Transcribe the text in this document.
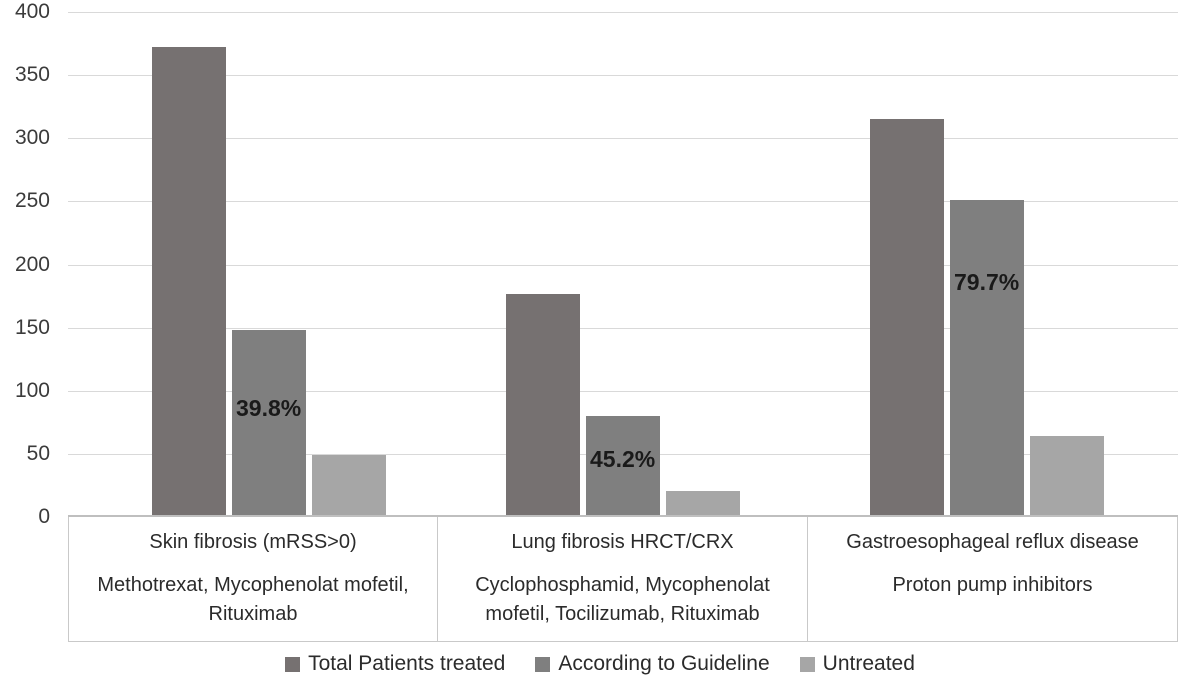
0
50
100
150
200
250
300
350
400
39.8%
45.2%
79.7%
Skin fibrosis (mRSS>0)
Methotrexat, Mycophenolat mofetil, Rituximab
Lung fibrosis HRCT/CRX
Cyclophosphamid, Mycophenolat mofetil, Tocilizumab, Rituximab
Gastroesophageal reflux disease
Proton pump inhibitors
Total Patients treated	According to Guideline	Untreated
